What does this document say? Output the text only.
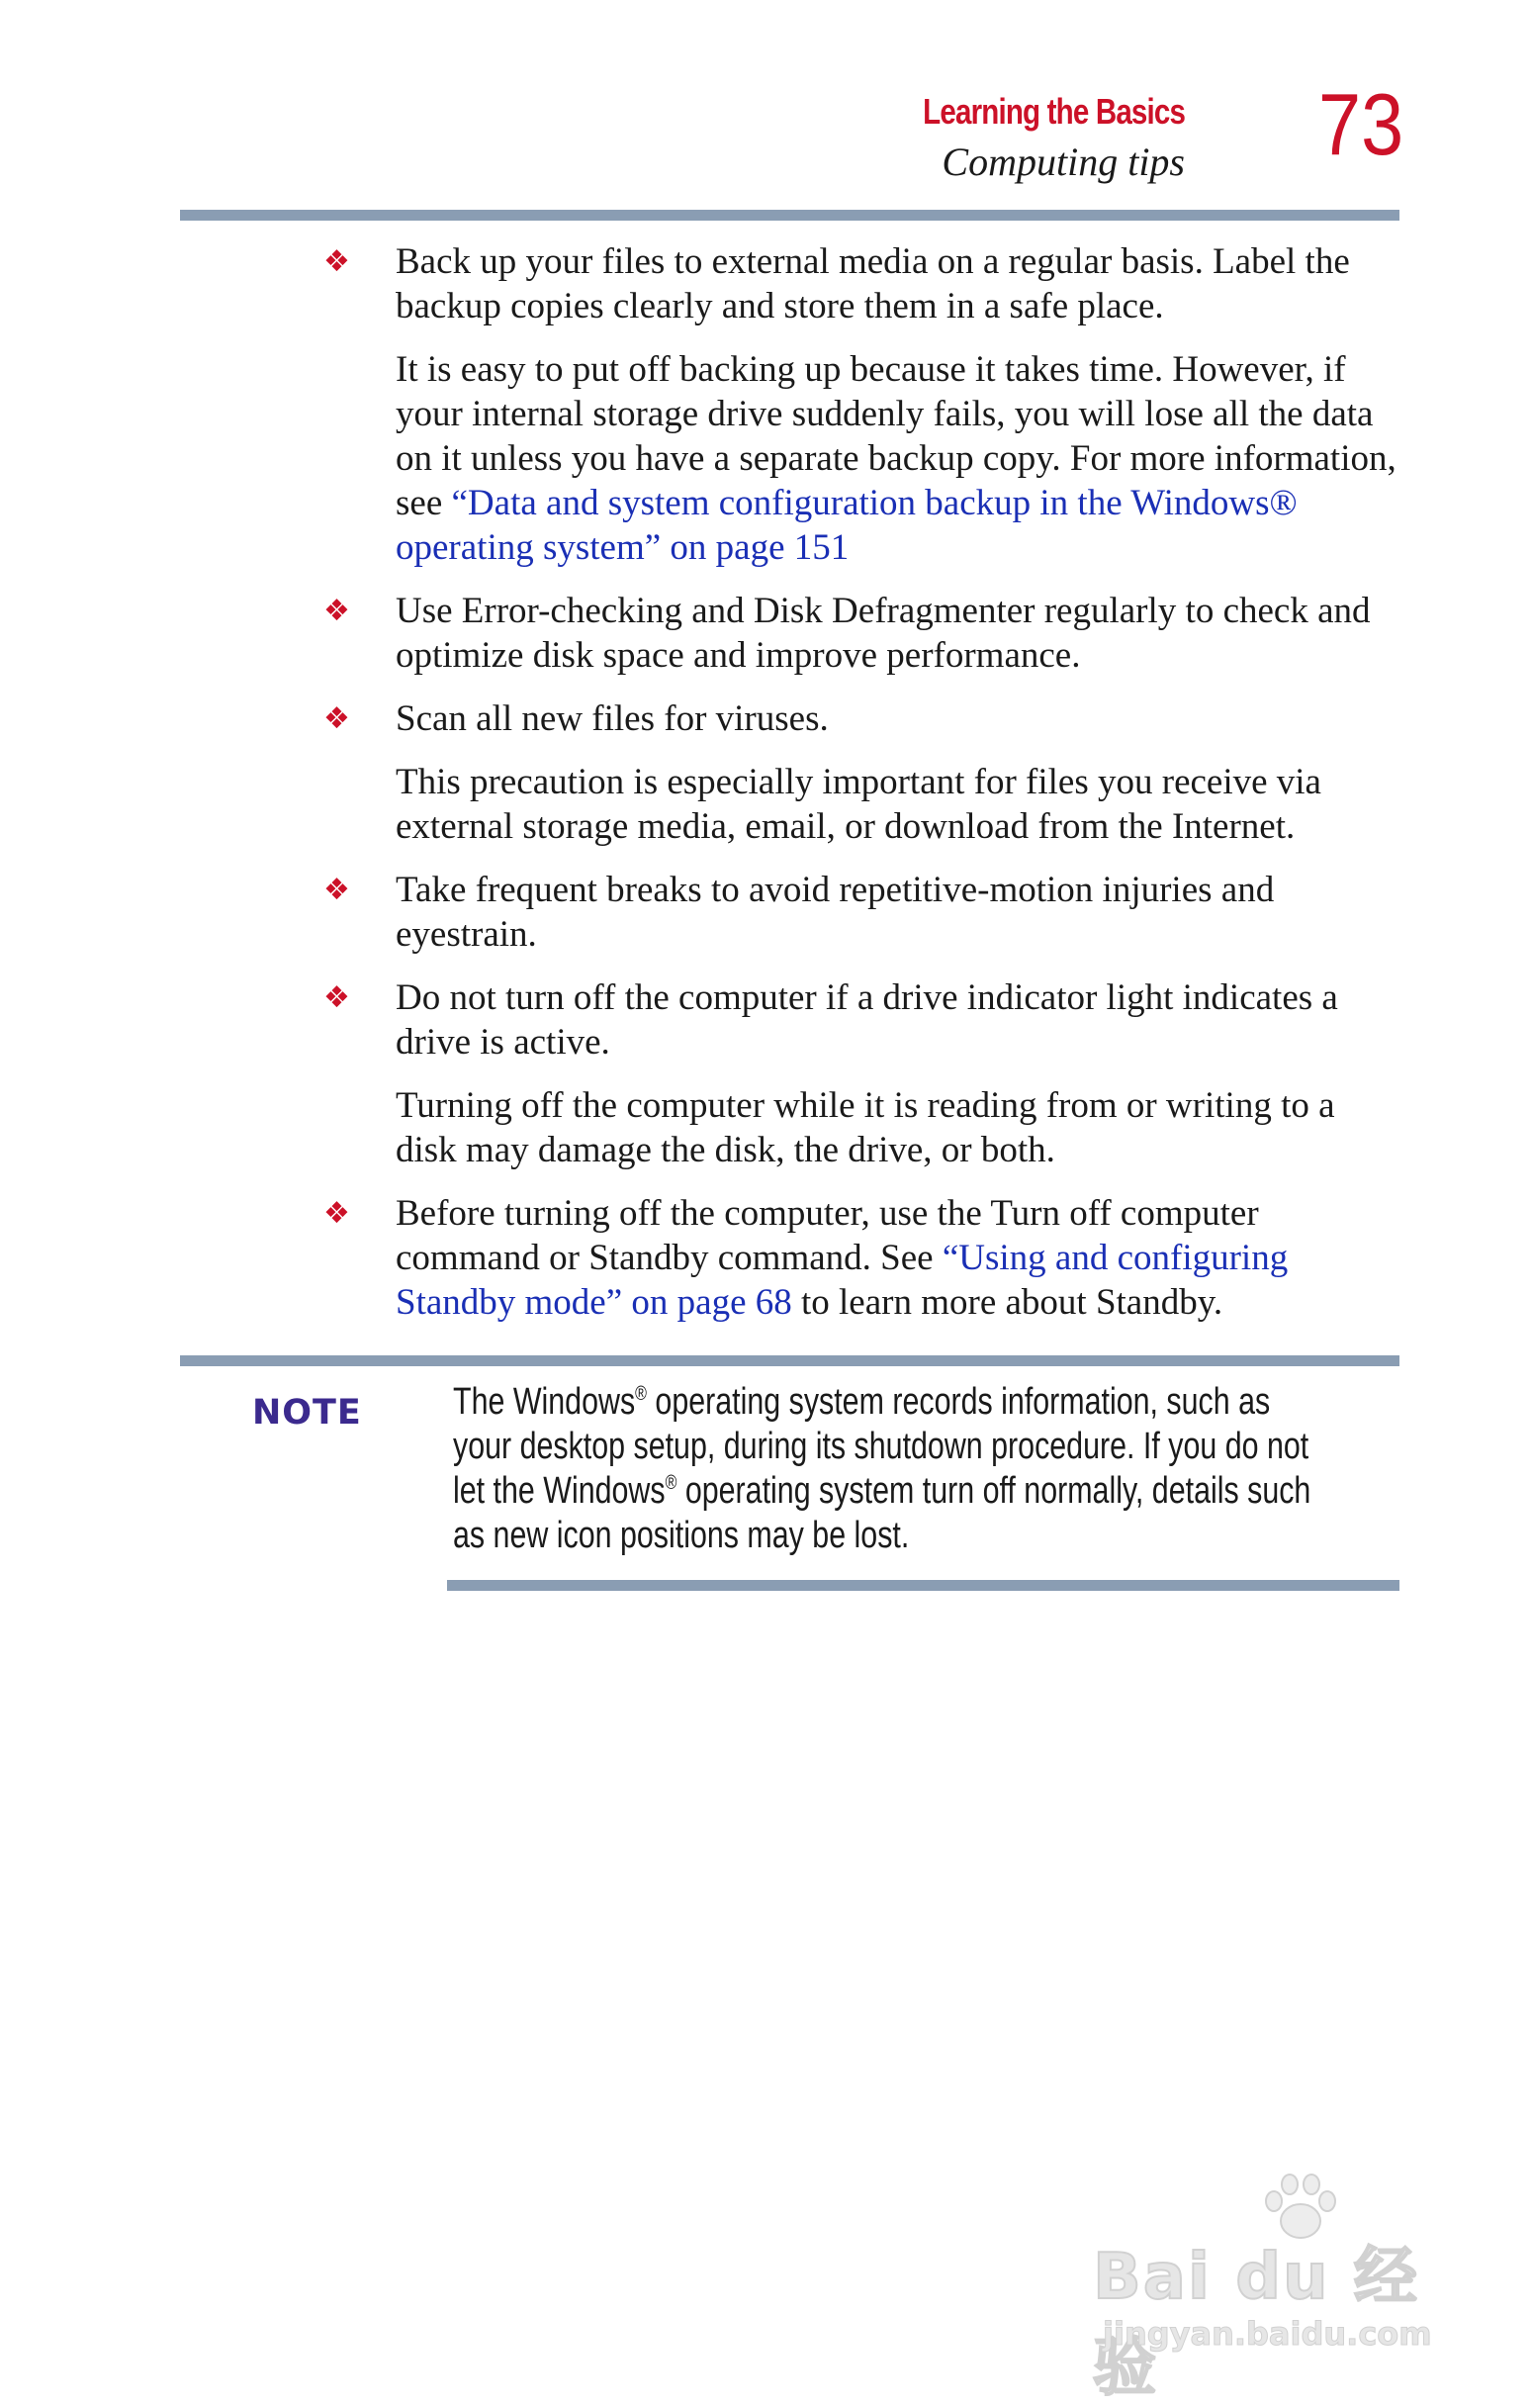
Learning the Basics
Computing tips 73
❖ Back up your files to external media on a regular basis. Label the backup copies clearly and store them in a safe place.
It is easy to put off backing up because it takes time. However, if your internal storage drive suddenly fails, you will lose all the data on it unless you have a separate backup copy. For more information, see “Data and system configuration backup in the Windows® operating system” on page 151
❖ Use Error-checking and Disk Defragmenter regularly to check and optimize disk space and improve performance.
❖ Scan all new files for viruses.
This precaution is especially important for files you receive via external storage media, email, or download from the Internet.
❖ Take frequent breaks to avoid repetitive-motion injuries and eyestrain.
❖ Do not turn off the computer if a drive indicator light indicates a drive is active.
Turning off the computer while it is reading from or writing to a disk may damage the disk, the drive, or both.
❖ Before turning off the computer, use the Turn off computer command or Standby command. See “Using and configuring Standby mode” on page 68 to learn more about Standby.
NOTE The Windows® operating system records information, such as your desktop setup, during its shutdown procedure. If you do not let the Windows® operating system turn off normally, details such as new icon positions may be lost.
Bai du 经验
jingyan.baidu.com
